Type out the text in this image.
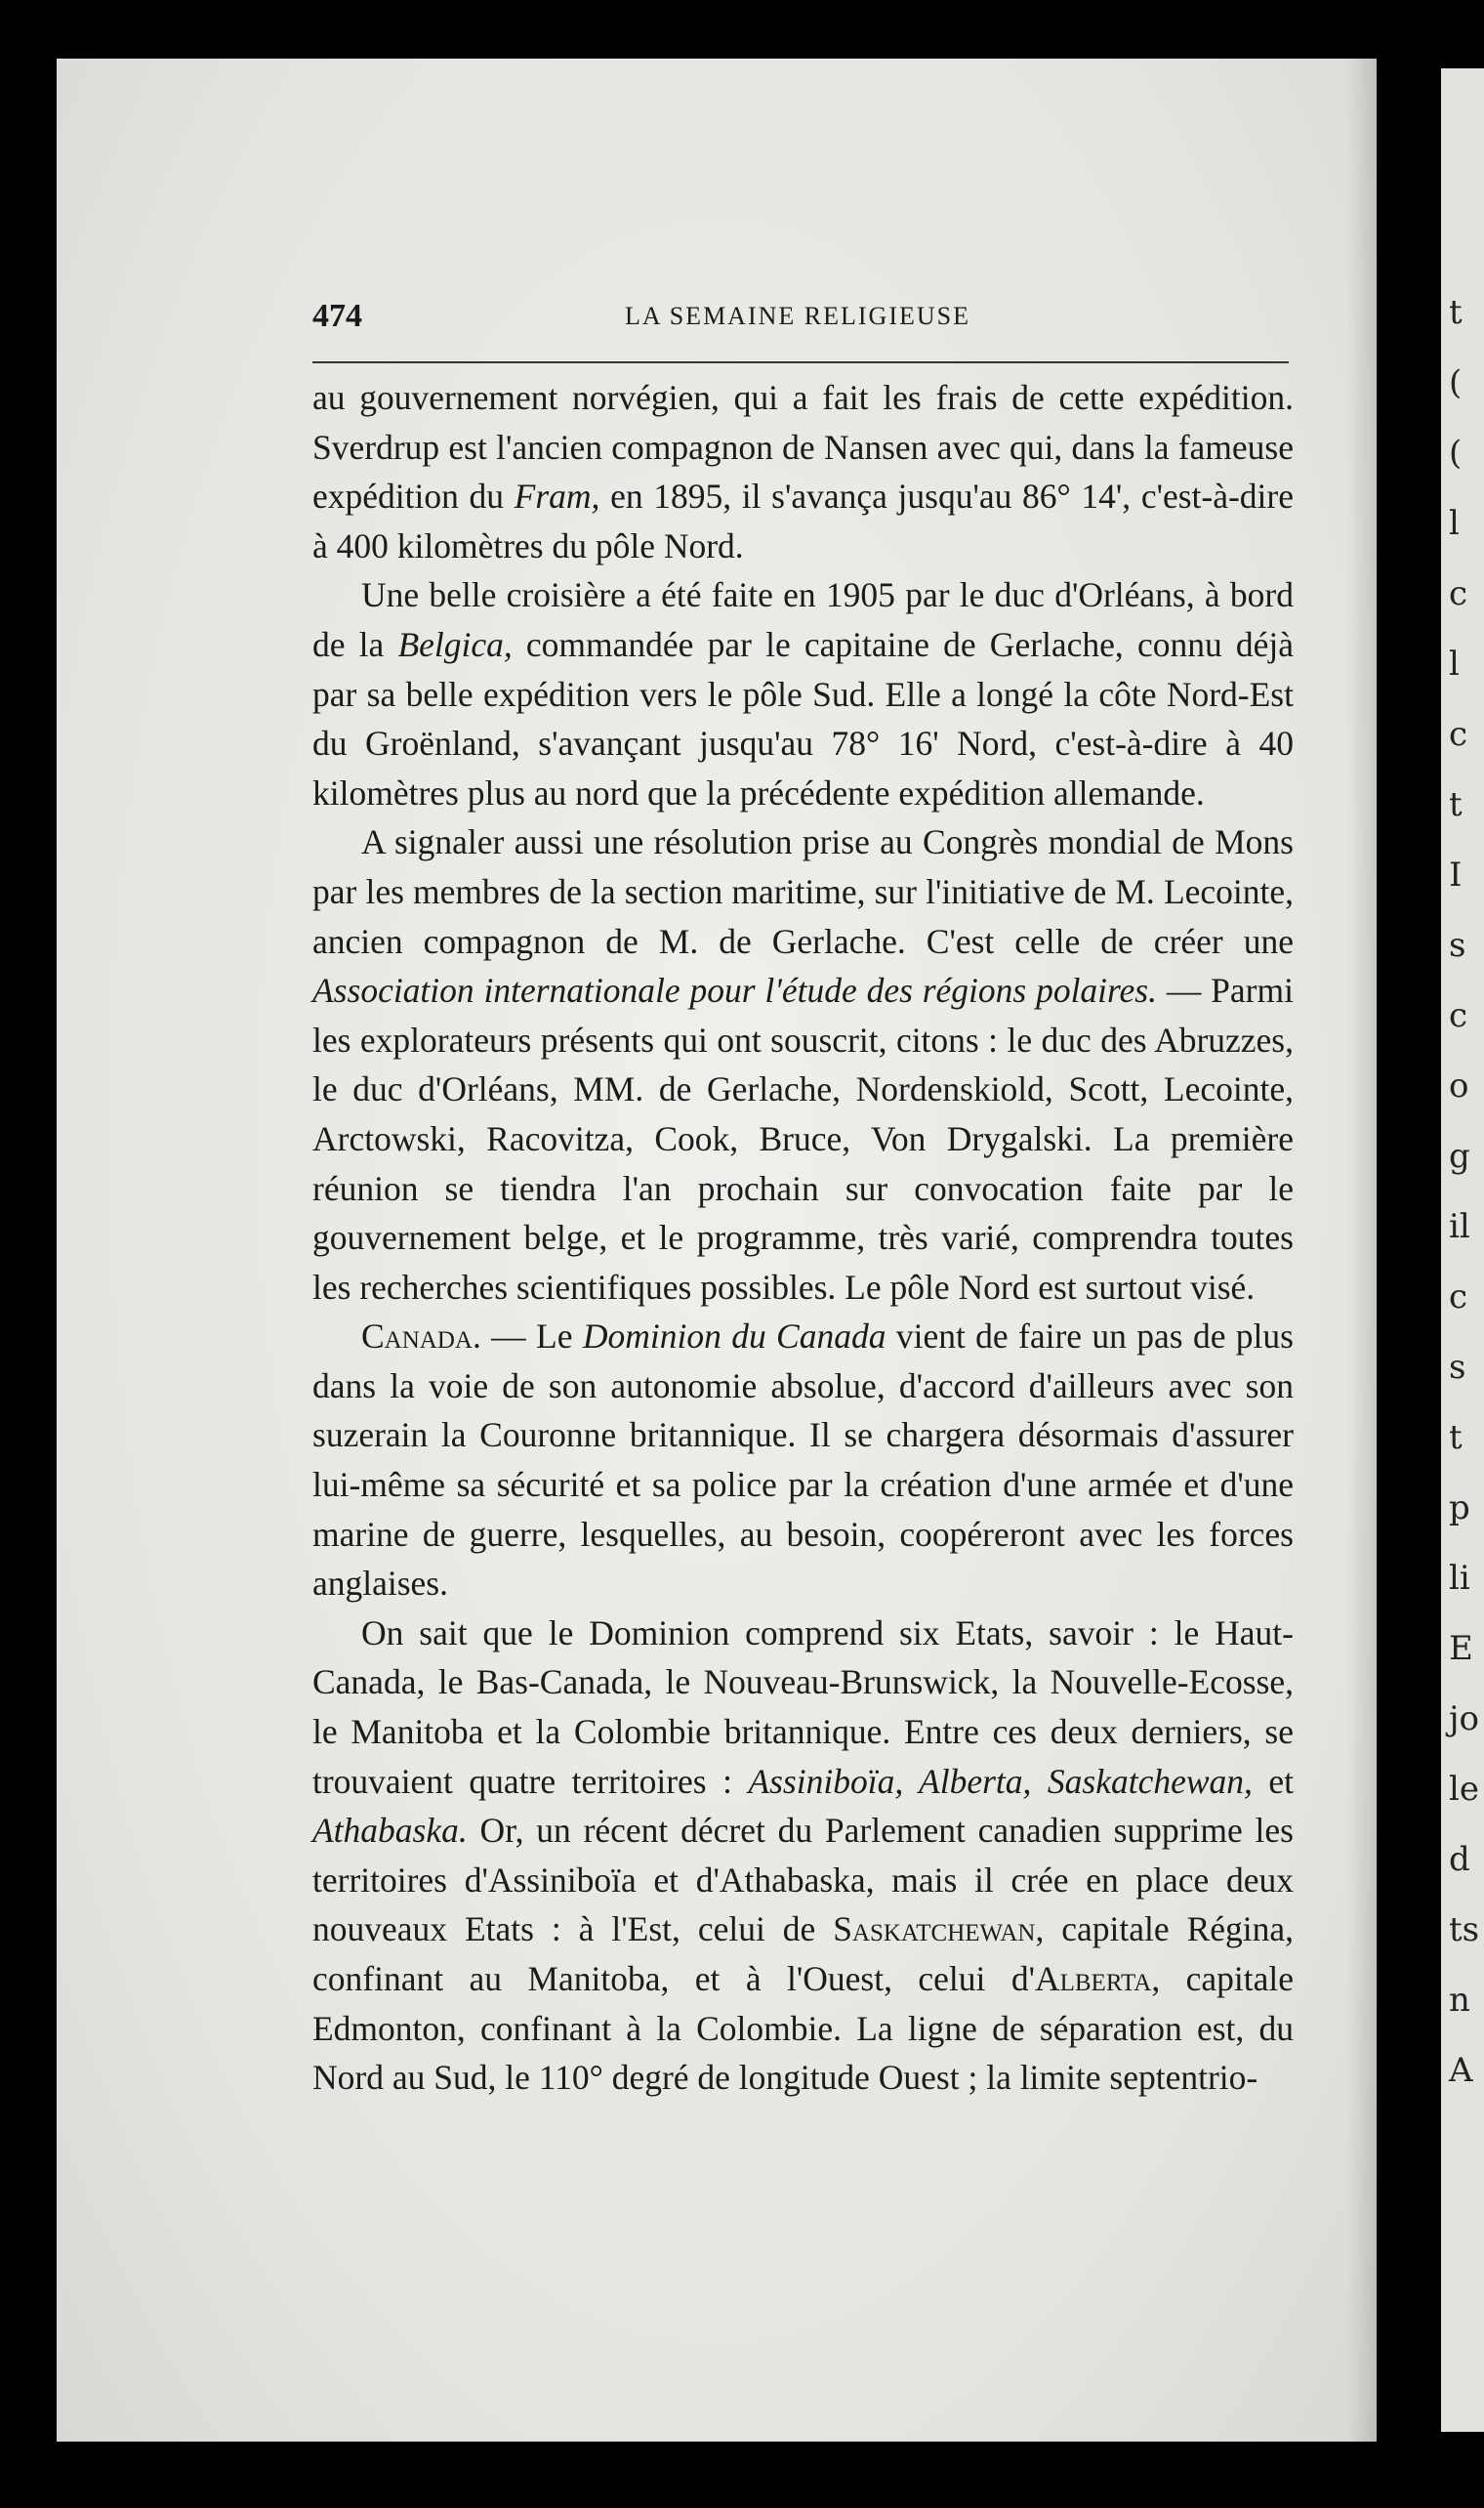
t
(
(
l
c
l
c
t
I
s
c
o
g
il
c
s
t
p
li
E
jo
le
d
ts
n
A
474	LA SEMAINE RELIGIEUSE

au gouvernement norvégien, qui a fait les frais de cette expédition. Sverdrup est l'ancien compagnon de Nansen avec qui, dans la fameuse expédition du Fram, en 1895, il s'avança jusqu'au 86° 14', c'est-à-dire à 400 kilomètres du pôle Nord.

Une belle croisière a été faite en 1905 par le duc d'Orléans, à bord de la Belgica, commandée par le capitaine de Gerlache, connu déjà par sa belle expédition vers le pôle Sud. Elle a longé la côte Nord-Est du Groënland, s'avançant jusqu'au 78° 16' Nord, c'est-à-dire à 40 kilomètres plus au nord que la précédente expédition allemande.

A signaler aussi une résolution prise au Congrès mondial de Mons par les membres de la section maritime, sur l'initiative de M. Lecointe, ancien compagnon de M. de Gerlache. C'est celle de créer une Association internationale pour l'étude des régions polaires. — Parmi les explorateurs présents qui ont souscrit, citons : le duc des Abruzzes, le duc d'Orléans, MM. de Gerlache, Nordenskiold, Scott, Lecointe, Arctowski, Racovitza, Cook, Bruce, Von Drygalski. La première réunion se tiendra l'an prochain sur convocation faite par le gouvernement belge, et le programme, très varié, comprendra toutes les recherches scientifiques possibles. Le pôle Nord est surtout visé.

Canada. — Le Dominion du Canada vient de faire un pas de plus dans la voie de son autonomie absolue, d'accord d'ailleurs avec son suzerain la Couronne britannique. Il se chargera désormais d'assurer lui-même sa sécurité et sa police par la création d'une armée et d'une marine de guerre, lesquelles, au besoin, coopéreront avec les forces anglaises.

On sait que le Dominion comprend six Etats, savoir : le Haut-Canada, le Bas-Canada, le Nouveau-Brunswick, la Nouvelle-Ecosse, le Manitoba et la Colombie britannique. Entre ces deux derniers, se trouvaient quatre territoires : Assiniboïa, Alberta, Saskatchewan, et Athabaska. Or, un récent décret du Parlement canadien supprime les territoires d'Assiniboïa et d'Athabaska, mais il crée en place deux nouveaux Etats : à l'Est, celui de Saskatchewan, capitale Régina, confinant au Manitoba, et à l'Ouest, celui d'Alberta, capitale Edmonton, confinant à la Colombie. La ligne de séparation est, du Nord au Sud, le 110° degré de longitude Ouest ; la limite septentrio-
